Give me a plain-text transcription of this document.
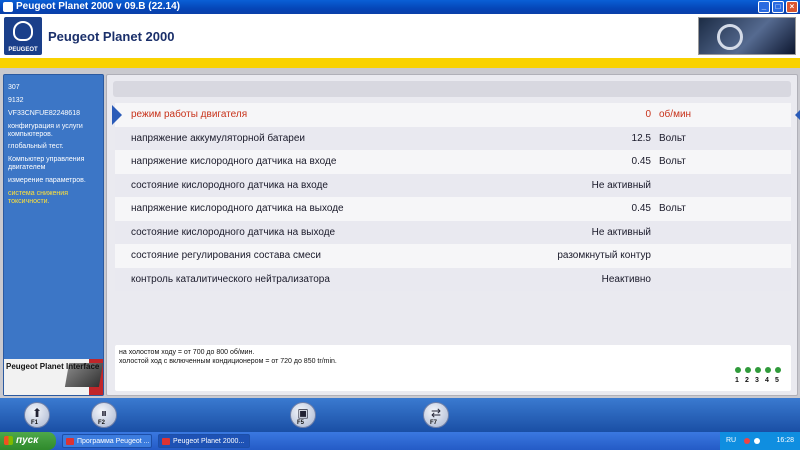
Peugeot Planet 2000 v 09.B (22.14)	_	□	×
PEUGEOT
Peugeot Planet 2000
307
9132
VF33CNFUE82248618
конфигурация и услуги компьютеров.
глобальный тест.
Компьютер управления двигателем
измерение параметров.
система снижения токсичности.
Peugeot Planet Interface
режим работы двигателя	0 об/мин
напряжение аккумуляторной батареи	12.5 Вольт
напряжение кислородного датчика на входе	0.45 Вольт
состояние кислородного датчика на входе	Не активный
напряжение кислородного датчика на выходе	0.45 Вольт
состояние кислородного датчика на выходе	Не активный
состояние регулирования состава смеси	разомкнутый контур
контроль каталитического нейтрализатора	Неактивно
на холостом ходу = от 700 до 800 об/мин.
холостой ход с включенным кондиционером = от 720 до 850 tr/min.
1 2 3 4 5
⬆
F1
⏸
F2
▣
F5
⇄
F7
пуск	Программа Peugeot ...	Peugeot Planet 2000...	RU	16:28
